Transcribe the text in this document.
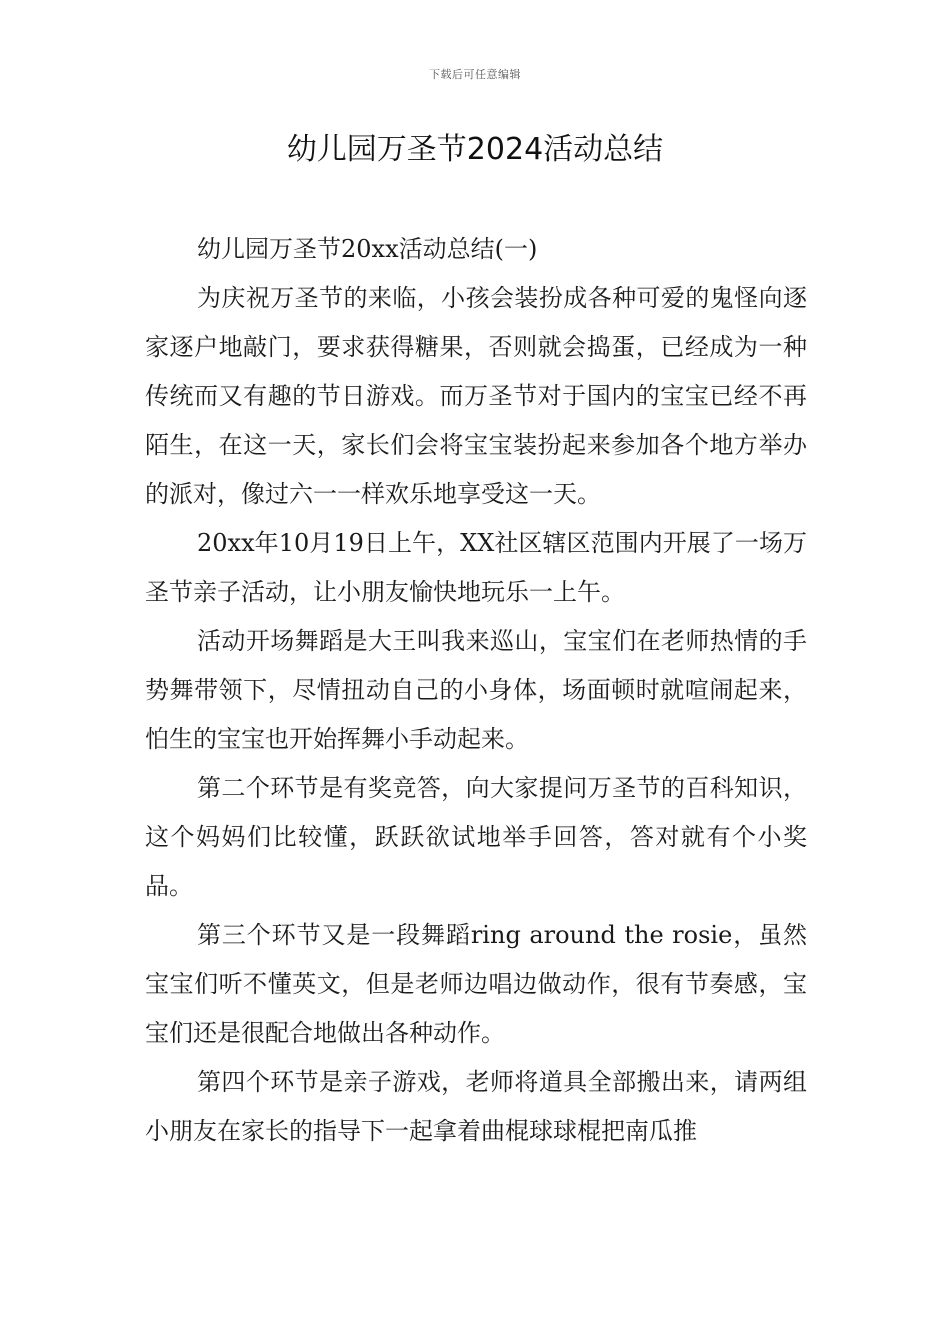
下载后可任意编辑
幼儿园万圣节2024活动总结

幼儿园万圣节20xx活动总结(一)

为庆祝万圣节的来临，小孩会装扮成各种可爱的鬼怪向逐家逐户地敲门，要求获得糖果，否则就会捣蛋，已经成为一种传统而又有趣的节日游戏。而万圣节对于国内的宝宝已经不再陌生，在这一天，家长们会将宝宝装扮起来参加各个地方举办的派对，像过六一一样欢乐地享受这一天。

20xx年10月19日上午，XX社区辖区范围内开展了一场万圣节亲子活动，让小朋友愉快地玩乐一上午。

活动开场舞蹈是大王叫我来巡山，宝宝们在老师热情的手势舞带领下，尽情扭动自己的小身体，场面顿时就喧闹起来，怕生的宝宝也开始挥舞小手动起来。

第二个环节是有奖竞答，向大家提问万圣节的百科知识，这个妈妈们比较懂，跃跃欲试地举手回答，答对就有个小奖品。

第三个环节又是一段舞蹈ring around the rosie，虽然宝宝们听不懂英文，但是老师边唱边做动作，很有节奏感，宝宝们还是很配合地做出各种动作。

第四个环节是亲子游戏，老师将道具全部搬出来，请两组小朋友在家长的指导下一起拿着曲棍球球棍把南瓜推
